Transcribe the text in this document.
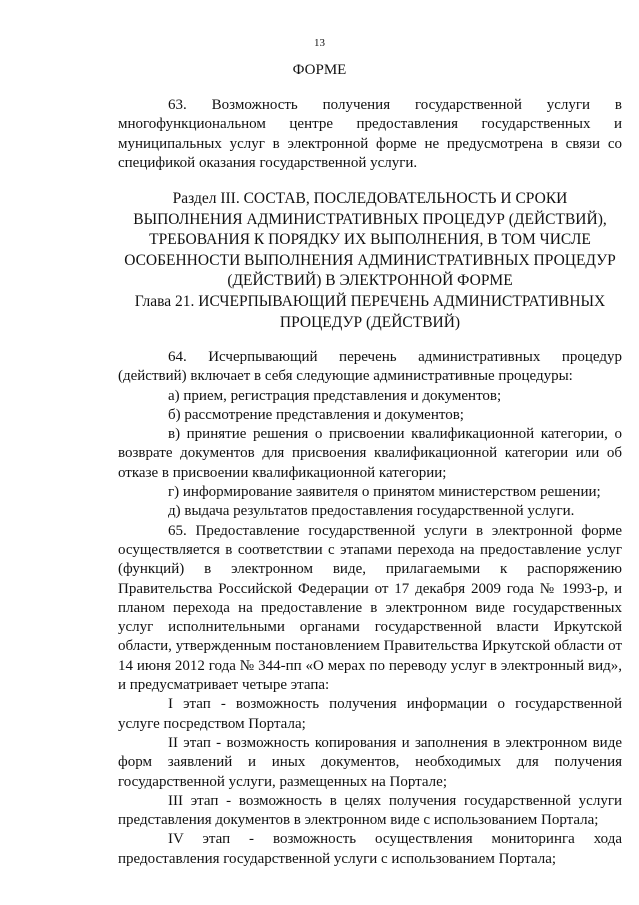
13
ФОРМЕ

63. Возможность получения государственной услуги в многофункциональном центре предоставления государственных и муниципальных услуг в электронной форме не предусмотрена в связи со спецификой оказания государственной услуги.

Раздел III. СОСТАВ, ПОСЛЕДОВАТЕЛЬНОСТЬ И СРОКИ ВЫПОЛНЕНИЯ АДМИНИСТРАТИВНЫХ ПРОЦЕДУР (ДЕЙСТВИЙ), ТРЕБОВАНИЯ К ПОРЯДКУ ИХ ВЫПОЛНЕНИЯ, В ТОМ ЧИСЛЕ ОСОБЕННОСТИ ВЫПОЛНЕНИЯ АДМИНИСТРАТИВНЫХ ПРОЦЕДУР (ДЕЙСТВИЙ) В ЭЛЕКТРОННОЙ ФОРМЕ
Глава 21. ИСЧЕРПЫВАЮЩИЙ ПЕРЕЧЕНЬ АДМИНИСТРАТИВНЫХ ПРОЦЕДУР (ДЕЙСТВИЙ)

64. Исчерпывающий перечень административных процедур (действий) включает в себя следующие административные процедуры:

а) прием, регистрация представления и документов;

б) рассмотрение представления и документов;

в) принятие решения о присвоении квалификационной категории, о возврате документов для присвоения квалификационной категории или об отказе в присвоении квалификационной категории;

г) информирование заявителя о принятом министерством решении;

д) выдача результатов предоставления государственной услуги.

65. Предоставление государственной услуги в электронной форме осуществляется в соответствии с этапами перехода на предоставление услуг (функций) в электронном виде, прилагаемыми к распоряжению Правительства Российской Федерации от 17 декабря 2009 года № 1993-р, и планом перехода на предоставление в электронном виде государственных услуг исполнительными органами государственной власти Иркутской области, утвержденным постановлением Правительства Иркутской области от 14 июня 2012 года № 344-пп «О мерах по переводу услуг в электронный вид», и предусматривает четыре этапа:

I этап - возможность получения информации о государственной услуге посредством Портала;

II этап - возможность копирования и заполнения в электронном виде форм заявлений и иных документов, необходимых для получения государственной услуги, размещенных на Портале;

III этап - возможность в целях получения государственной услуги представления документов в электронном виде с использованием Портала;

IV этап - возможность осуществления мониторинга хода предоставления государственной услуги с использованием Портала;
